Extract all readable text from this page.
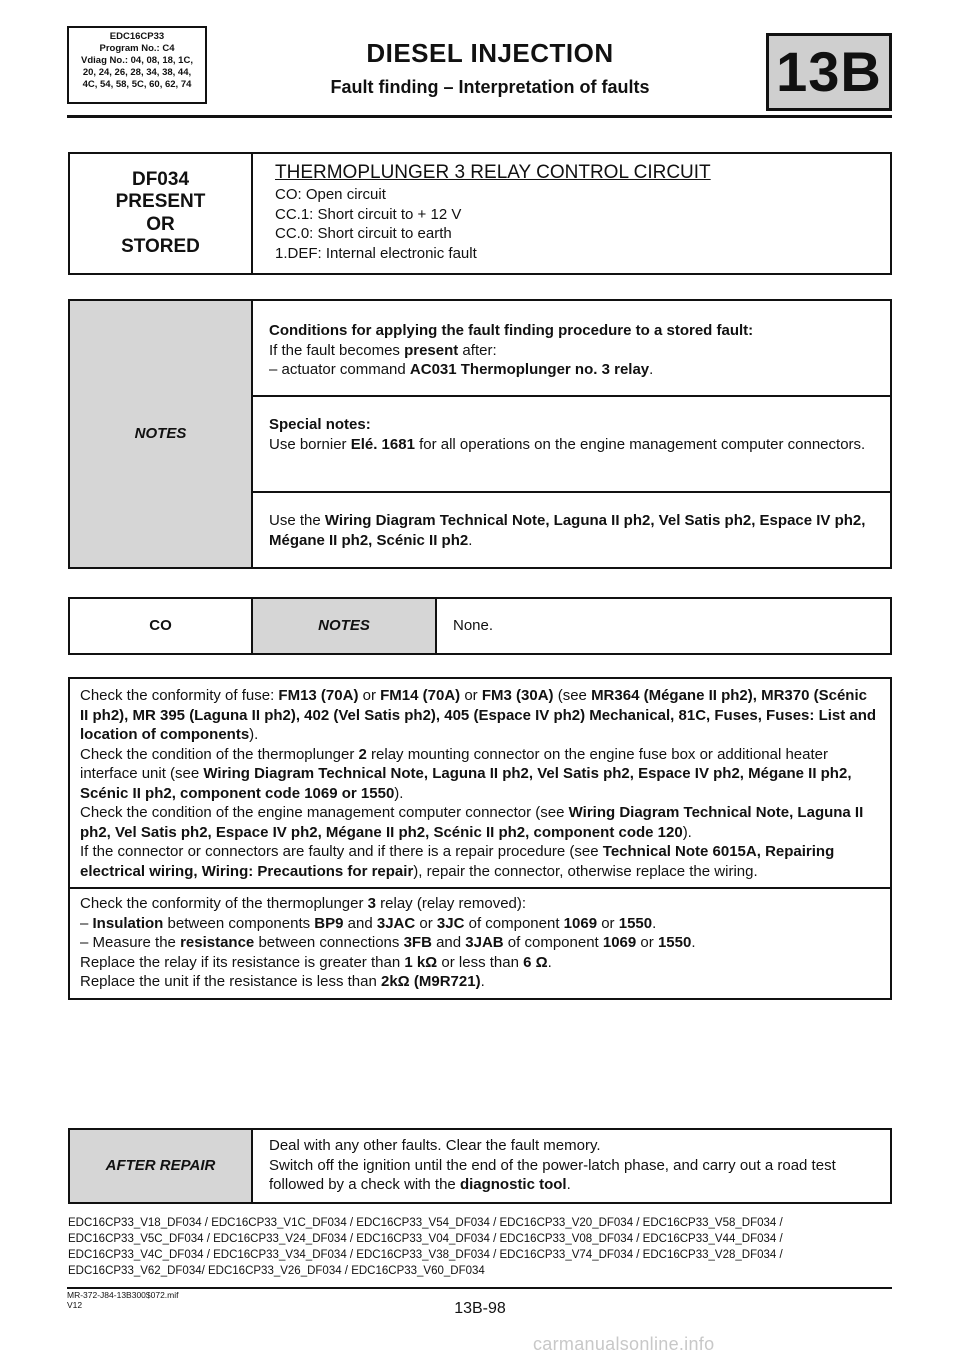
EDC16CP33
Program No.: C4
Vdiag No.: 04, 08, 18, 1C,
20, 24, 26, 28, 34, 38, 44,
4C, 54, 58, 5C, 60, 62, 74
DIESEL INJECTION
Fault finding – Interpretation of faults	13B
DF034
PRESENT
OR
STORED

THERMOPLUNGER 3 RELAY CONTROL CIRCUIT
CO: Open circuit
CC.1: Short circuit to + 12 V
CC.0: Short circuit to earth
1.DEF: Internal electronic fault
NOTES	
Conditions for applying the fault finding procedure to a stored fault:
If the fault becomes present after:
– actuator command AC031 Thermoplunger no. 3 relay.

Special notes:
Use bornier Elé. 1681 for all operations on the engine management computer connectors.

Use the Wiring Diagram Technical Note, Laguna II ph2, Vel Satis ph2, Espace IV ph2, Mégane II ph2, Scénic II ph2.
CO	NOTES	None.
Check the conformity of fuse: FM13 (70A) or FM14 (70A) or FM3 (30A) (see MR364 (Mégane II ph2), MR370 (Scénic II ph2), MR 395 (Laguna II ph2), 402 (Vel Satis ph2), 405 (Espace IV ph2) Mechanical, 81C, Fuses, Fuses: List and location of components).
Check the condition of the thermoplunger 2 relay mounting connector on the engine fuse box or additional heater interface unit (see Wiring Diagram Technical Note, Laguna II ph2, Vel Satis ph2, Espace IV ph2, Mégane II ph2, Scénic II ph2, component code 1069 or 1550).
Check the condition of the engine management computer connector (see Wiring Diagram Technical Note, Laguna II ph2, Vel Satis ph2, Espace IV ph2, Mégane II ph2, Scénic II ph2, component code 120).
If the connector or connectors are faulty and if there is a repair procedure (see Technical Note 6015A, Repairing electrical wiring, Wiring: Precautions for repair), repair the connector, otherwise replace the wiring.

Check the conformity of the thermoplunger 3 relay (relay removed):
– Insulation between components BP9 and 3JAC or 3JC of component 1069 or 1550.
– Measure the resistance between connections 3FB and 3JAB of component 1069 or 1550.
Replace the relay if its resistance is greater than 1 kΩ or less than 6 Ω.
Replace the unit if the resistance is less than 2kΩ (M9R721).
AFTER REPAIR	
Deal with any other faults. Clear the fault memory.
Switch off the ignition until the end of the power-latch phase, and carry out a road test followed by a check with the diagnostic tool.
EDC16CP33_V18_DF034 / EDC16CP33_V1C_DF034 / EDC16CP33_V54_DF034 / EDC16CP33_V20_DF034 / EDC16CP33_V58_DF034 /
EDC16CP33_V5C_DF034 / EDC16CP33_V24_DF034 / EDC16CP33_V04_DF034 / EDC16CP33_V08_DF034 / EDC16CP33_V44_DF034 /
EDC16CP33_V4C_DF034 / EDC16CP33_V34_DF034 / EDC16CP33_V38_DF034 / EDC16CP33_V74_DF034 / EDC16CP33_V28_DF034 /
EDC16CP33_V62_DF034/ EDC16CP33_V26_DF034 / EDC16CP33_V60_DF034
MR-372-J84-13B300$072.mif
V12	13B-98
carmanualsonline.info
